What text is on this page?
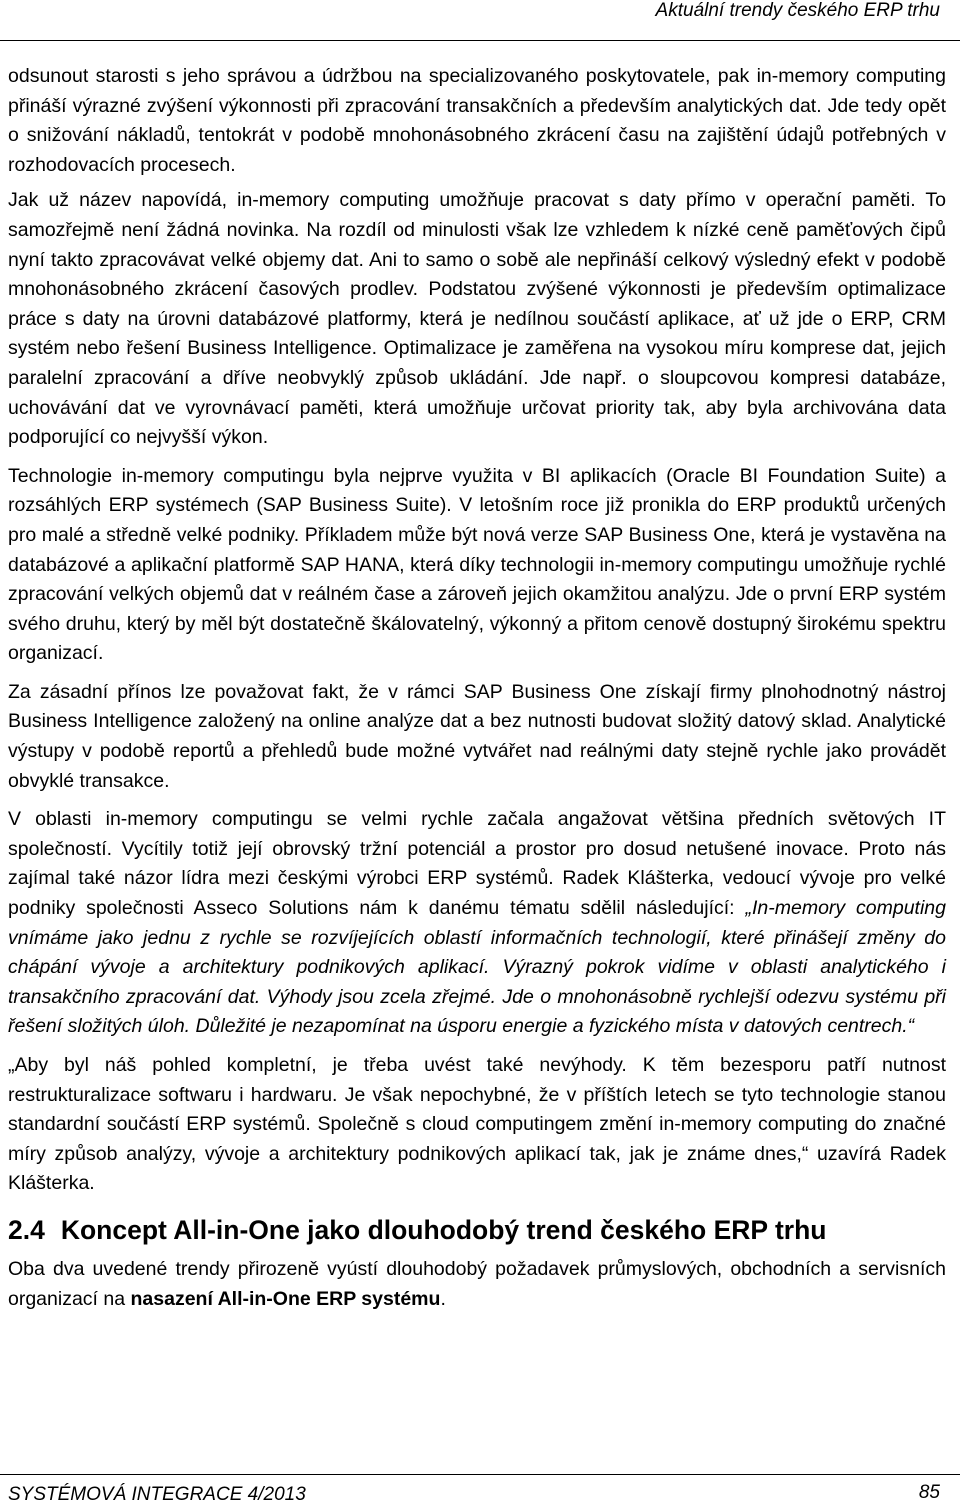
Aktuální trendy českého ERP trhu

odsunout starosti s jeho správou a údržbou na specializovaného poskytovatele, pak in-memory computing přináší výrazné zvýšení výkonnosti při zpracování transakčních a především analytických dat. Jde tedy opět o snižování nákladů, tentokrát v podobě mnohonásobného zkrácení času na zajištění údajů potřebných v rozhodovacích procesech.

Jak už název napovídá, in-memory computing umožňuje pracovat s daty přímo v operační paměti. To samozřejmě není žádná novinka. Na rozdíl od minulosti však lze vzhledem k nízké ceně paměťových čipů nyní takto zpracovávat velké objemy dat. Ani to samo o sobě ale nepřináší celkový výsledný efekt v podobě mnohonásobného zkrácení časových prodlev. Podstatou zvýšené výkonnosti je především optimalizace práce s daty na úrovni databázové platformy, která je nedílnou součástí aplikace, ať už jde o ERP, CRM systém nebo řešení Business Intelligence. Optimalizace je zaměřena na vysokou míru komprese dat, jejich paralelní zpracování a dříve neobvyklý způsob ukládání. Jde např. o sloupcovou kompresi databáze, uchovávání dat ve vyrovnávací paměti, která umožňuje určovat priority tak, aby byla archivována data podporující co nejvyšší výkon.

Technologie in-memory computingu byla nejprve využita v BI aplikacích (Oracle BI Foundation Suite) a rozsáhlých ERP systémech (SAP Business Suite). V letošním roce již pronikla do ERP produktů určených pro malé a středně velké podniky. Příkladem může být nová verze SAP Business One, která je vystavěna na databázové a aplikační platformě SAP HANA, která díky technologii in-memory computingu umožňuje rychlé zpracování velkých objemů dat v reálném čase a zároveň jejich okamžitou analýzu. Jde o první ERP systém svého druhu, který by měl být dostatečně škálovatelný, výkonný a přitom cenově dostupný širokému spektru organizací.

Za zásadní přínos lze považovat fakt, že v rámci SAP Business One získají firmy plnohodnotný nástroj Business Intelligence založený na online analýze dat a bez nutnosti budovat složitý datový sklad. Analytické výstupy v podobě reportů a přehledů bude možné vytvářet nad reálnými daty stejně rychle jako provádět obvyklé transakce.

V oblasti in-memory computingu se velmi rychle začala angažovat většina předních světových IT společností. Vycítily totiž její obrovský tržní potenciál a prostor pro dosud netušené inovace. Proto nás zajímal také názor lídra mezi českými výrobci ERP systémů. Radek Klášterka, vedoucí vývoje pro velké podniky společnosti Asseco Solutions nám k danému tématu sdělil následující: „In-memory computing vnímáme jako jednu z rychle se rozvíjejících oblastí informačních technologií, které přinášejí změny do chápání vývoje a architektury podnikových aplikací. Výrazný pokrok vidíme v oblasti analytického i transakčního zpracování dat. Výhody jsou zcela zřejmé. Jde o mnohonásobně rychlejší odezvu systému při řešení složitých úloh. Důležité je nezapomínat na úsporu energie a fyzického místa v datových centrech.“

„Aby byl náš pohled kompletní, je třeba uvést také nevýhody. K těm bezesporu patří nutnost restrukturalizace softwaru i hardwaru. Je však nepochybné, že v příštích letech se tyto technologie stanou standardní součástí ERP systémů. Společně s cloud computingem změní in-memory computing do značné míry způsob analýzy, vývoje a architektury podnikových aplikací tak, jak je známe dnes,“ uzavírá Radek Klášterka.

2.4 Koncept All-in-One jako dlouhodobý trend českého ERP trhu

Oba dva uvedené trendy přirozeně vyústí dlouhodobý požadavek průmyslových, obchodních a servisních organizací na nasazení All-in-One ERP systému.

SYSTÉMOVÁ INTEGRACE 4/2013	85
